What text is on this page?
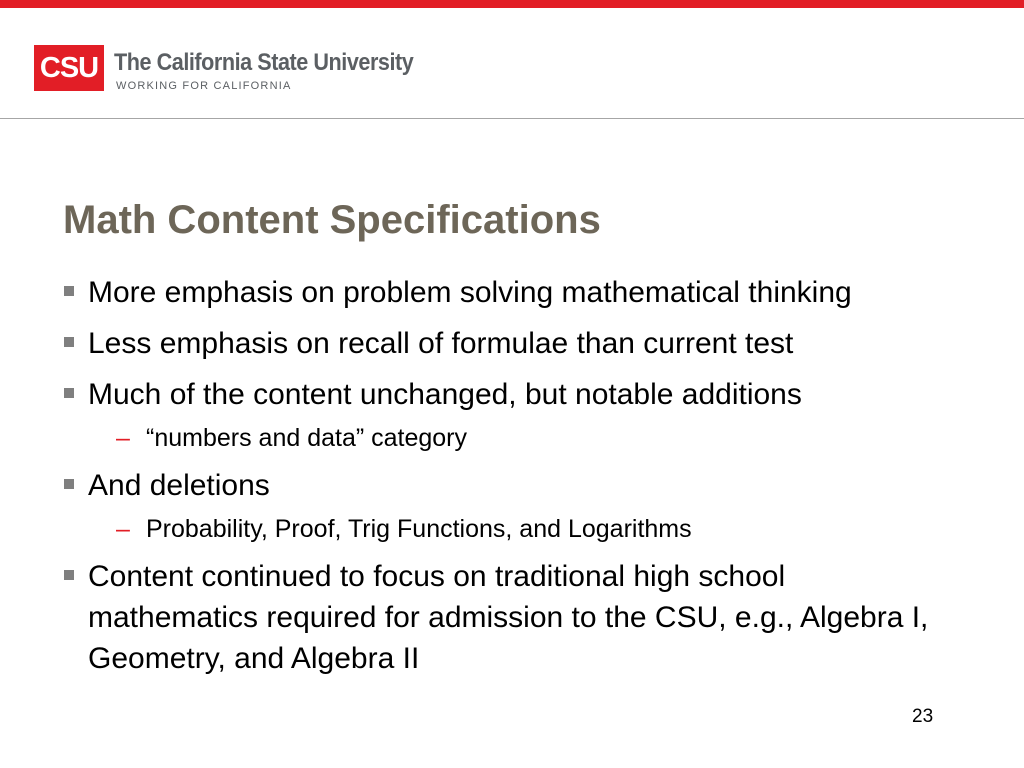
CSU The California State University
WORKING FOR CALIFORNIA
Math Content Specifications
More emphasis on problem solving mathematical thinking
Less emphasis on recall of formulae than current test
Much of the content unchanged, but notable additions
– “numbers and data” category
And deletions
– Probability, Proof, Trig Functions, and Logarithms
Content continued to focus on traditional high school mathematics required for admission to the CSU, e.g., Algebra I, Geometry, and Algebra II
23
